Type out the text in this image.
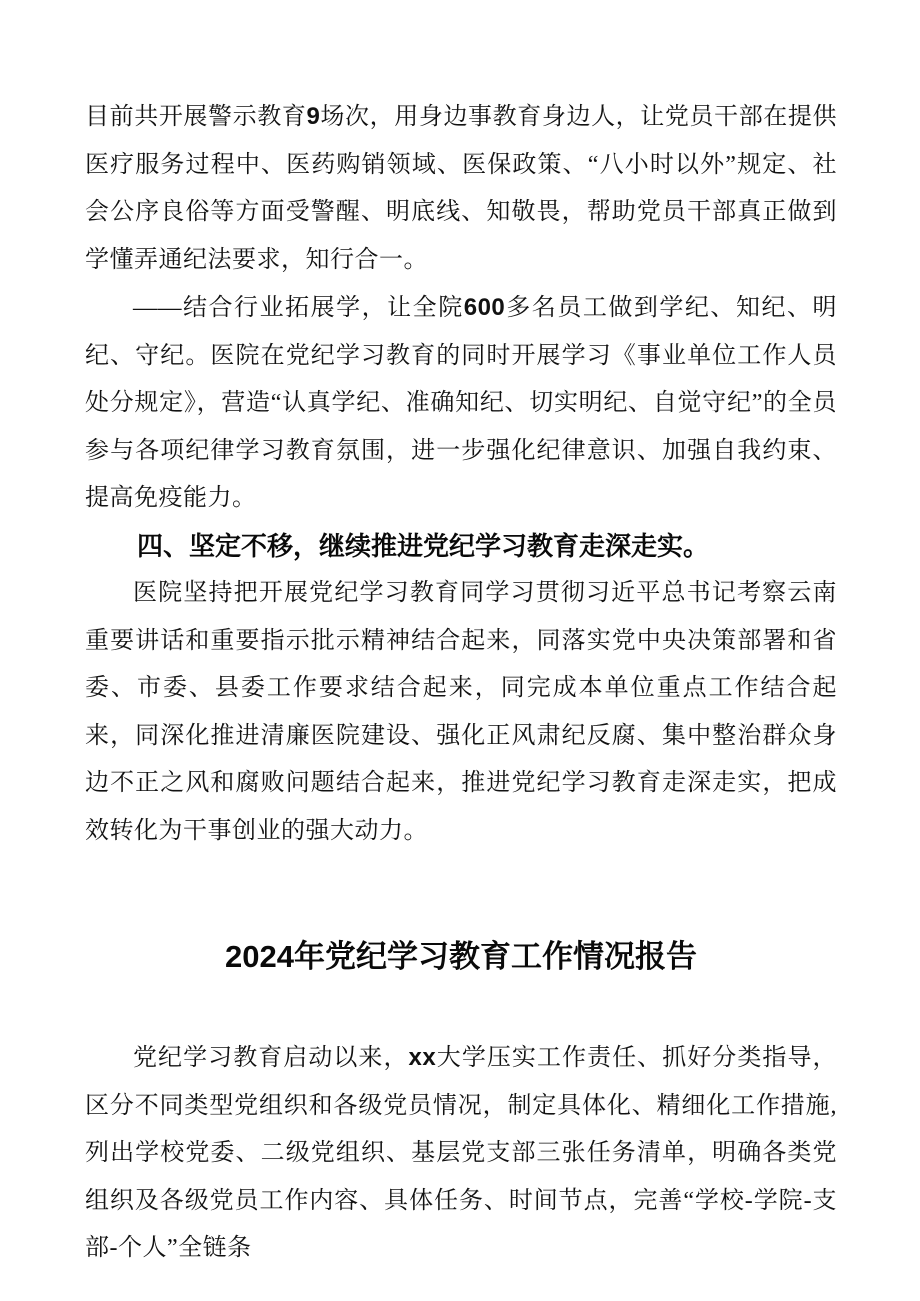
目前共开展警示教育9场次，用身边事教育身边人，让党员干部在提供医疗服务过程中、医药购销领域、医保政策、“八小时以外”规定、社会公序良俗等方面受警醒、明底线、知敬畏，帮助党员干部真正做到学懂弄通纪法要求，知行合一。

——结合行业拓展学，让全院600多名员工做到学纪、知纪、明纪、守纪。医院在党纪学习教育的同时开展学习《事业单位工作人员处分规定》，营造“认真学纪、准确知纪、切实明纪、自觉守纪”的全员参与各项纪律学习教育氛围，进一步强化纪律意识、加强自我约束、提高免疫能力。

四、坚定不移，继续推进党纪学习教育走深走实。

医院坚持把开展党纪学习教育同学习贯彻习近平总书记考察云南重要讲话和重要指示批示精神结合起来，同落实党中央决策部署和省委、市委、县委工作要求结合起来，同完成本单位重点工作结合起来，同深化推进清廉医院建设、强化正风肃纪反腐、集中整治群众身边不正之风和腐败问题结合起来，推进党纪学习教育走深走实，把成效转化为干事创业的强大动力。

2024年党纪学习教育工作情况报告

党纪学习教育启动以来，xx大学压实工作责任、抓好分类指导，区分不同类型党组织和各级党员情况，制定具体化、精细化工作措施,列出学校党委、二级党组织、基层党支部三张任务清单，明确各类党组织及各级党员工作内容、具体任务、时间节点，完善“学校-学院-支部-个人”全链条
